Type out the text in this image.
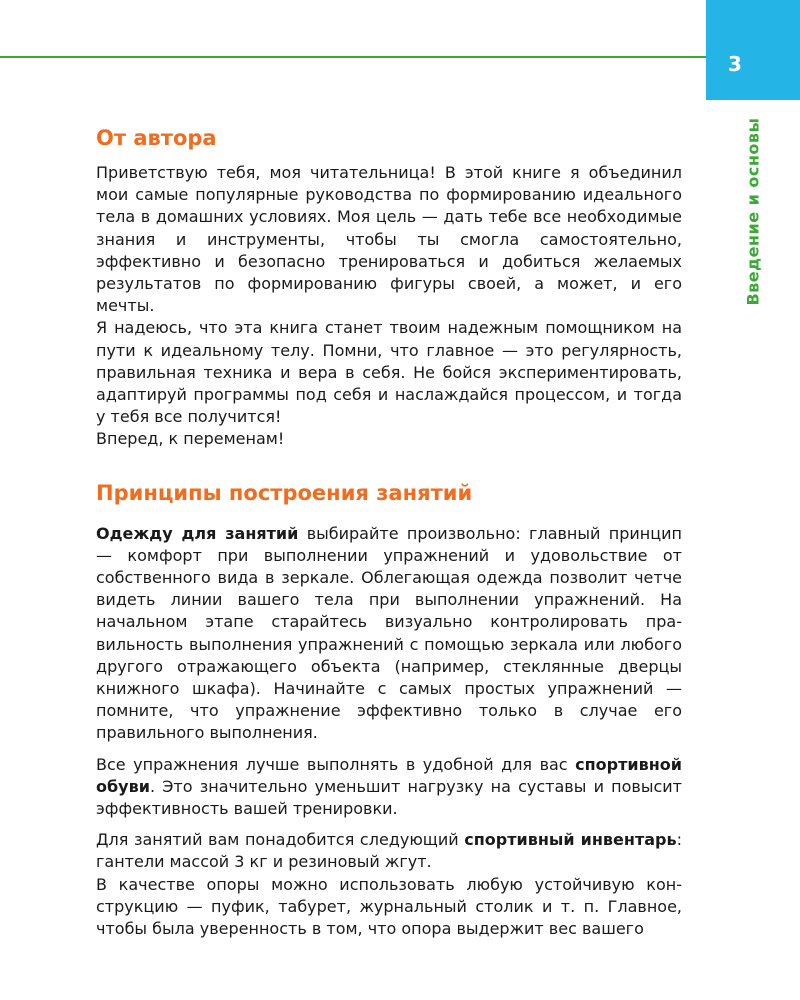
3
Введение и основы
От автора

Приветствую тебя, моя читательница! В этой книге я объединил мои самые популярные руководства по формированию идеального тела в домашних условиях. Моя цель — дать тебе все необходимые знания и инструменты, чтобы ты смогла самостоятельно, эффективно и безопасно тренироваться и добиться желаемых результатов по формированию фигуры своей, а может, и его мечты.

Я надеюсь, что эта книга станет твоим надежным помощником на пути к идеальному телу. Помни, что главное — это регулярность, правильная техника и вера в себя. Не бойся экспериментировать, адаптируй программы под себя и наслаждайся процессом, и тогда у тебя все получится!

Вперед, к переменам!

Принципы построения занятий

Одежду для занятий выбирайте произвольно: главный принцип — комфорт при выполнении упражнений и удовольствие от собственного вида в зеркале. Облегающая одежда позволит четче видеть линии вашего тела при выполнении упражнений. На начальном этапе старайтесь визуально контролировать правильность выполнения упражнений с помощью зеркала или любого другого отражающего объекта (например, стеклянные дверцы книжного шкафа). Начинайте с самых простых упражнений — помните, что упражнение эффективно только в случае его правильного выполнения.

Все упражнения лучше выполнять в удобной для вас спортивной обуви. Это значительно уменьшит нагрузку на суставы и повысит эффективность вашей тренировки.

Для занятий вам понадобится следующий спортивный инвентарь: гантели массой 3 кг и резиновый жгут.

В качестве опоры можно использовать любую устойчивую конструкцию — пуфик, табурет, журнальный столик и т. п. Главное, чтобы была уверенность в том, что опора выдержит вес вашего
